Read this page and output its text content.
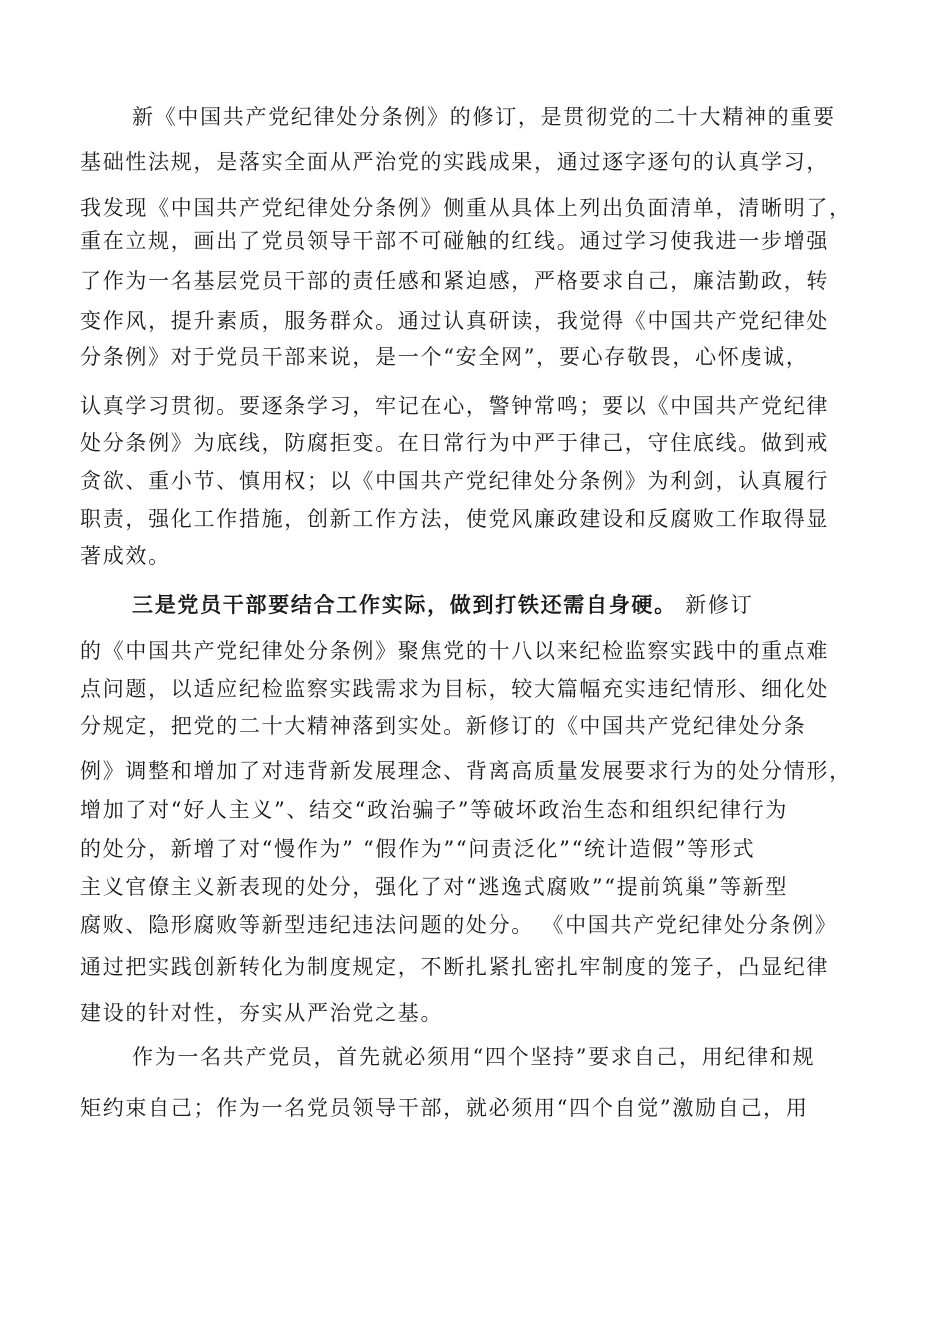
新《中国共产党纪律处分条例》的修订，是贯彻党的二十大精神的重要
基础性法规，是落实全面从严治党的实践成果，通过逐字逐句的认真学习，
我发现《中国共产党纪律处分条例》侧重从具体上列出负面清单，清晰明了，
重在立规，画出了党员领导干部不可碰触的红线。通过学习使我进一步增强
了作为一名基层党员干部的责任感和紧迫感，严格要求自己，廉洁勤政，转
变作风，提升素质，服务群众。通过认真研读，我觉得《中国共产党纪律处
分条例》对于党员干部来说，是一个“安全网”，要心存敬畏，心怀虔诚，
认真学习贯彻。要逐条学习，牢记在心，警钟常鸣；要以《中国共产党纪律
处分条例》为底线，防腐拒变。在日常行为中严于律己，守住底线。做到戒
贪欲、重小节、慎用权；以《中国共产党纪律处分条例》为利剑，认真履行
职责，强化工作措施，创新工作方法，使党风廉政建设和反腐败工作取得显
著成效。
三是党员干部要结合工作实际，做到打铁还需自身硬。 新修订
的《中国共产党纪律处分条例》聚焦党的十八以来纪检监察实践中的重点难
点问题，以适应纪检监察实践需求为目标，较大篇幅充实违纪情形、细化处
分规定，把党的二十大精神落到实处。新修订的《中国共产党纪律处分条
例》调整和增加了对违背新发展理念、背离高质量发展要求行为的处分情形，
增加了对“好人主义”、结交“政治骗子”等破坏政治生态和组织纪律行为
的处分，新增了对“慢作为” “假作为”“问责泛化”“统计造假”等形式
主义官僚主义新表现的处分，强化了对“逃逸式腐败”“提前筑巢”等新型
腐败、隐形腐败等新型违纪违法问题的处分。 《中国共产党纪律处分条例》
通过把实践创新转化为制度规定，不断扎紧扎密扎牢制度的笼子，凸显纪律
建设的针对性，夯实从严治党之基。
作为一名共产党员，首先就必须用“四个坚持”要求自己，用纪律和规
矩约束自己；作为一名党员领导干部，就必须用“四个自觉”激励自己，用
